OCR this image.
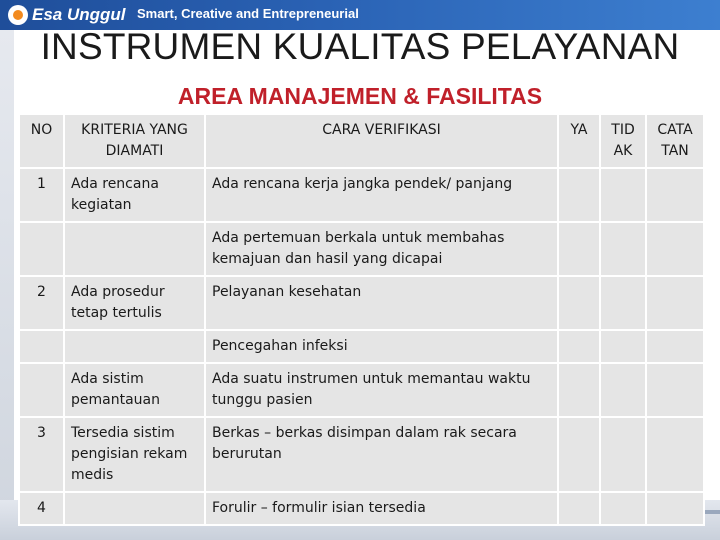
Esa Unggul Smart, Creative and Entrepreneurial
INSTRUMEN KUALITAS PELAYANAN
AREA MANAJEMEN & FASILITAS
NO	KRITERIA YANG DIAMATI	CARA VERIFIKASI	YA	TID AK	CATA TAN
1	Ada rencana kegiatan	Ada rencana kerja jangka pendek/ panjang			
		Ada pertemuan berkala untuk membahas kemajuan dan hasil yang dicapai			
2	Ada prosedur tetap tertulis	Pelayanan kesehatan			
		Pencegahan infeksi			
	Ada sistim pemantauan	Ada suatu instrumen untuk memantau waktu tunggu pasien			
3	Tersedia sistim pengisian rekam medis	Berkas – berkas disimpan dalam rak secara berurutan			
4		Forulir – formulir isian tersedia			
